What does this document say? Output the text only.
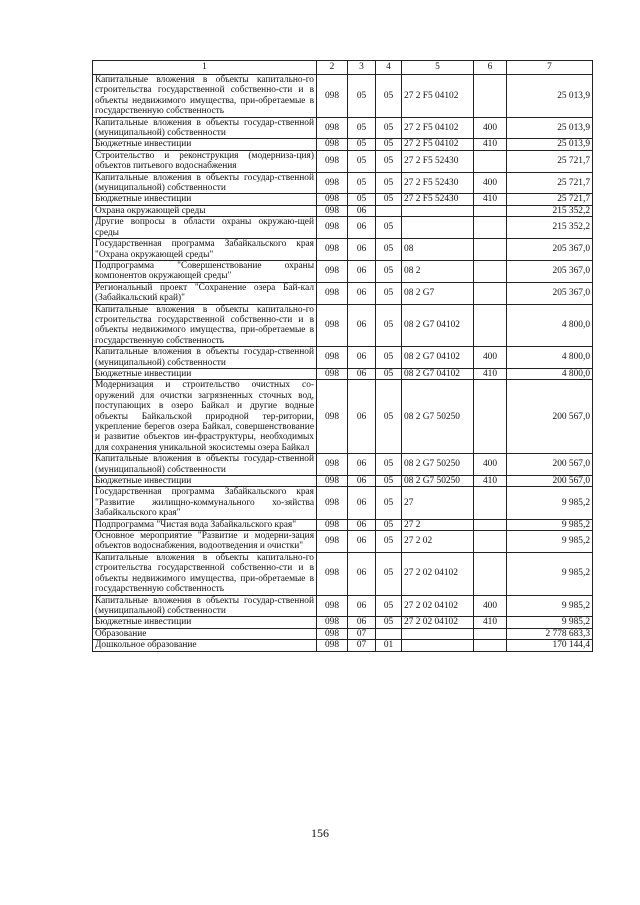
1	2	3	4	5	6	7
Капитальные вложения в объекты капитально-го строительства государственной собственно-сти и в объекты недвижимого имущества, при-обретаемые в государственную собственность	098	05	05	27 2 F5 04102		25 013,9
Капитальные вложения в объекты государ-ственной (муниципальной) собственности	098	05	05	27 2 F5 04102	400	25 013,9
Бюджетные инвестиции	098	05	05	27 2 F5 04102	410	25 013,9
Строительство и реконструкция (модерниза-ция) объектов питьевого водоснабжения	098	05	05	27 2 F5 52430		25 721,7
Капитальные вложения в объекты государ-ственной (муниципальной) собственности	098	05	05	27 2 F5 52430	400	25 721,7
Бюджетные инвестиции	098	05	05	27 2 F5 52430	410	25 721,7
Охрана окружающей среды	098	06				215 352,2
Другие вопросы в области охраны окружаю-щей среды	098	06	05			215 352,2
Государственная программа Забайкальского края "Охрана окружающей среды"	098	06	05	08		205 367,0
Подпрограмма "Совершенствование охраны компонентов окружающей среды"	098	06	05	08 2		205 367,0
Региональный проект "Сохранение озера Бай-кал (Забайкальский край)"	098	06	05	08 2 G7		205 367,0
Капитальные вложения в объекты капитально-го строительства государственной собственно-сти и в объекты недвижимого имущества, при-обретаемые в государственную собственность	098	06	05	08 2 G7 04102		4 800,0
Капитальные вложения в объекты государ-ственной (муниципальной) собственности	098	06	05	08 2 G7 04102	400	4 800,0
Бюджетные инвестиции	098	06	05	08 2 G7 04102	410	4 800,0
Модернизация и строительство очистных со-оружений для очистки загрязненных сточных вод, поступающих в озеро Байкал и другие водные объекты Байкальской природной тер-ритории, укрепление берегов озера Байкал, совершенствование и развитие объектов ин-фраструктуры, необходимых для сохранения уникальной экосистемы озера Байкал	098	06	05	08 2 G7 50250		200 567,0
Капитальные вложения в объекты государ-ственной (муниципальной) собственности	098	06	05	08 2 G7 50250	400	200 567,0
Бюджетные инвестиции	098	06	05	08 2 G7 50250	410	200 567,0
Государственная программа Забайкальского края "Развитие жилищно-коммунального хо-зяйства Забайкальского края"	098	06	05	27		9 985,2
Подпрограмма "Чистая вода Забайкальского края"	098	06	05	27 2		9 985,2
Основное мероприятие "Развитие и модерни-зация объектов водоснабжения, водоотведения и очистки"	098	06	05	27 2 02		9 985,2
Капитальные вложения в объекты капитально-го строительства государственной собственно-сти и в объекты недвижимого имущества, при-обретаемые в государственную собственность	098	06	05	27 2 02 04102		9 985,2
Капитальные вложения в объекты государ-ственной (муниципальной) собственности	098	06	05	27 2 02 04102	400	9 985,2
Бюджетные инвестиции	098	06	05	27 2 02 04102	410	9 985,2
Образование	098	07				2 778 683,3
Дошкольное образование	098	07	01			170 144,4
156
